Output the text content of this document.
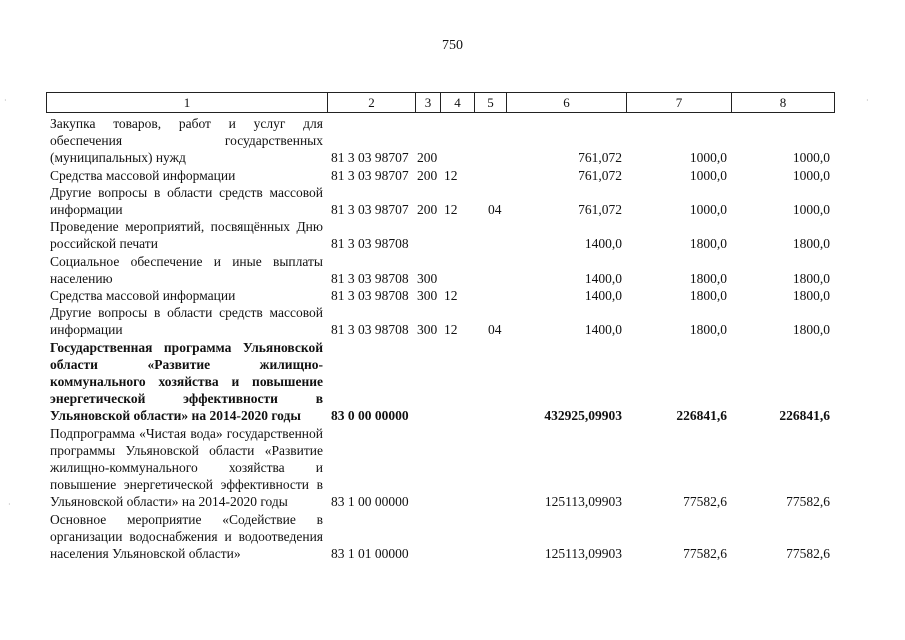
750
1	2	3	4	5	6	7	8
Закупка товаров, работ и услуг для обеспечения государственных (муниципальных) нужд	81 3 03 98707	200			761,072	1000,0	1000,0
Средства массовой информации	81 3 03 98707	200	12		761,072	1000,0	1000,0
Другие вопросы в области средств массовой информации	81 3 03 98707	200	12	04	761,072	1000,0	1000,0
Проведение мероприятий, посвящённых Дню российской печати	81 3 03 98708				1400,0	1800,0	1800,0
Социальное обеспечение и иные выплаты населению	81 3 03 98708	300			1400,0	1800,0	1800,0
Средства массовой информации	81 3 03 98708	300	12		1400,0	1800,0	1800,0
Другие вопросы в области средств массовой информации	81 3 03 98708	300	12	04	1400,0	1800,0	1800,0
Государственная программа Ульяновской области «Развитие жилищно-коммунального хозяйства и повышение энергетической эффективности в Ульяновской области» на 2014-2020 годы	83 0 00 00000				432925,09903	226841,6	226841,6
Подпрограмма «Чистая вода» государственной программы Ульяновской области «Развитие жилищно-коммунального хозяйства и повышение энергетической эффективности в Ульяновской области» на 2014-2020 годы	83 1 00 00000				125113,09903	77582,6	77582,6
Основное мероприятие «Содействие в организации водоснабжения и водоотведения населения Ульяновской области»	83 1 01 00000				125113,09903	77582,6	77582,6
·	·
·
